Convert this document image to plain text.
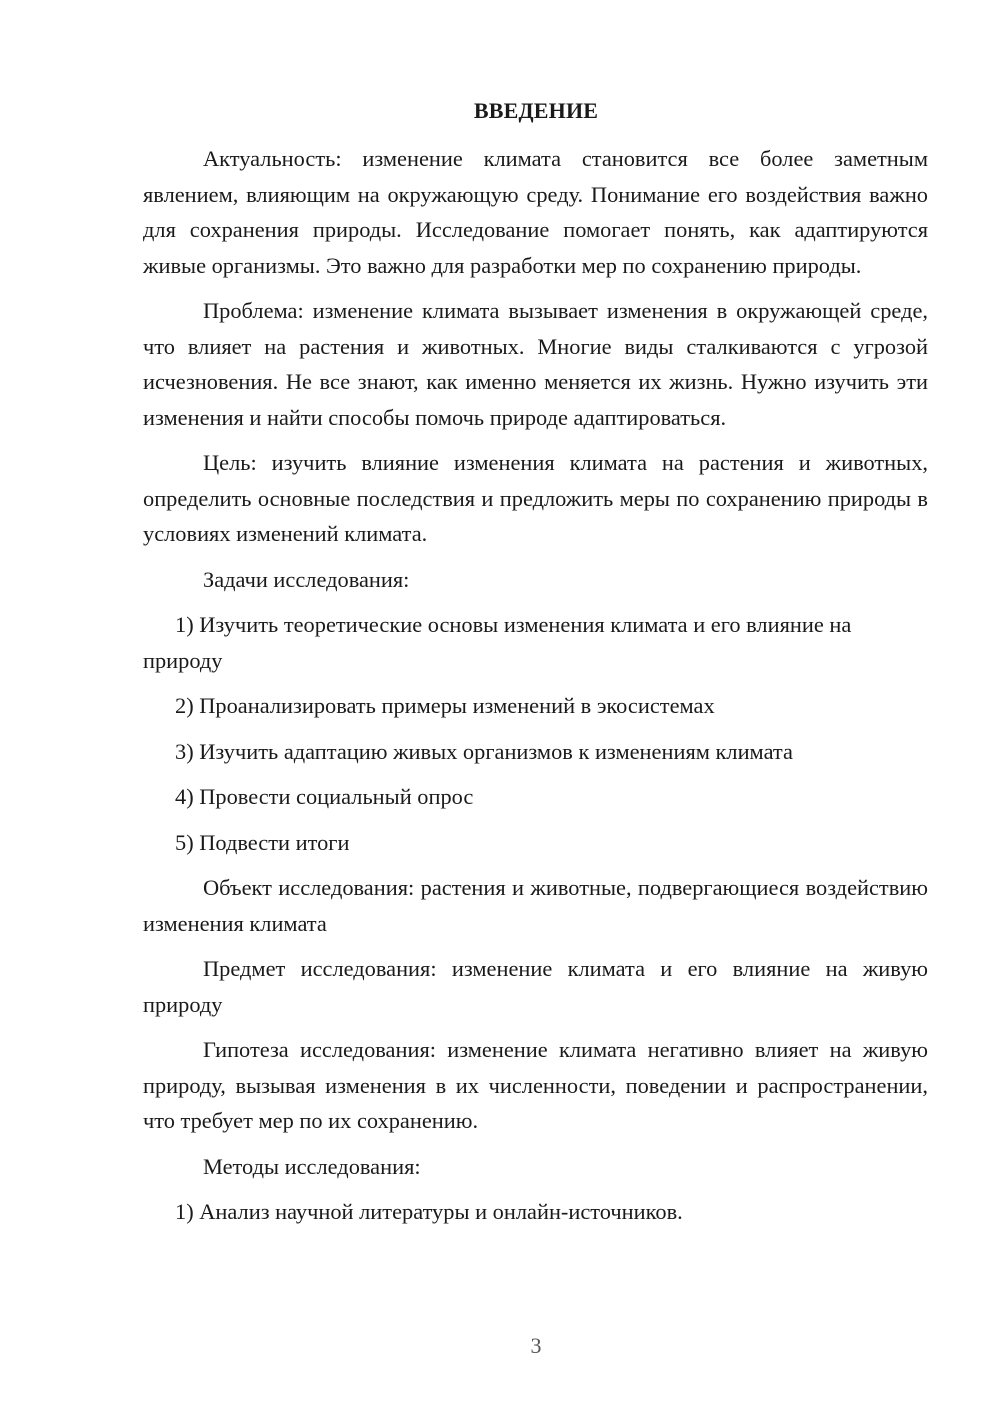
ВВЕДЕНИЕ

Актуальность: изменение климата становится все более заметным явлением, влияющим на окружающую среду. Понимание его воздействия важно для сохранения природы. Исследование помогает понять, как адаптируются живые организмы. Это важно для разработки мер по сохранению природы.

Проблема: изменение климата вызывает изменения в окружающей среде, что влияет на растения и животных. Многие виды сталкиваются с угрозой исчезновения. Не все знают, как именно меняется их жизнь. Нужно изучить эти изменения и найти способы помочь природе адаптироваться.

Цель: изучить влияние изменения климата на растения и животных, определить основные последствия и предложить меры по сохранению природы в условиях изменений климата.

Задачи исследования:

1) Изучить теоретические основы изменения климата и его влияние на природу

2) Проанализировать примеры изменений в экосистемах

3) Изучить адаптацию живых организмов к изменениям климата

4) Провести социальный опрос

5) Подвести итоги

Объект исследования: растения и животные, подвергающиеся воздействию изменения климата

Предмет исследования: изменение климата и его влияние на живую природу

Гипотеза исследования: изменение климата негативно влияет на живую природу, вызывая изменения в их численности, поведении и распространении, что требует мер по их сохранению.

Методы исследования:

1) Анализ научной литературы и онлайн-источников.

3
